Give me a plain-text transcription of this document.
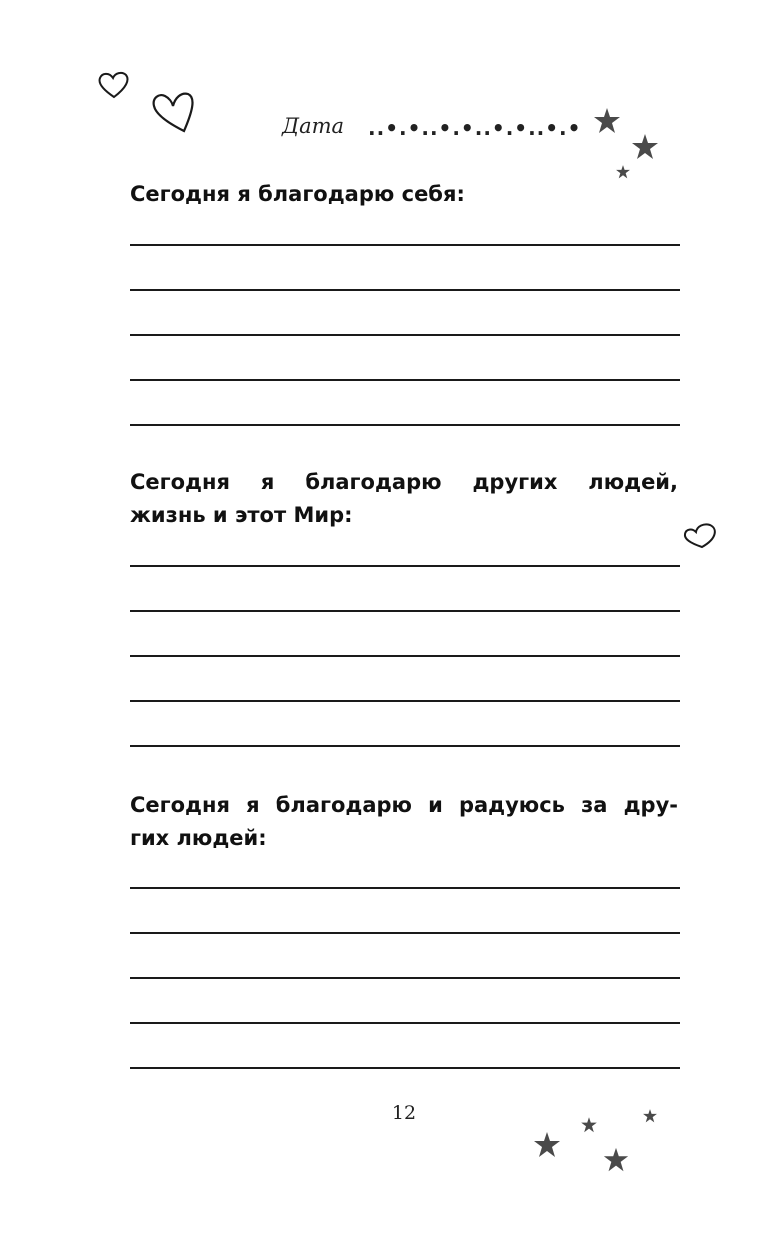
Дата ..•.•..•.•..•.•..•.•
Сегодня я благодарю себя:
Сегодня я благодарю других людей,
жизнь и этот Мир:
Сегодня я благодарю и радуюсь за дру-
гих людей:
12
